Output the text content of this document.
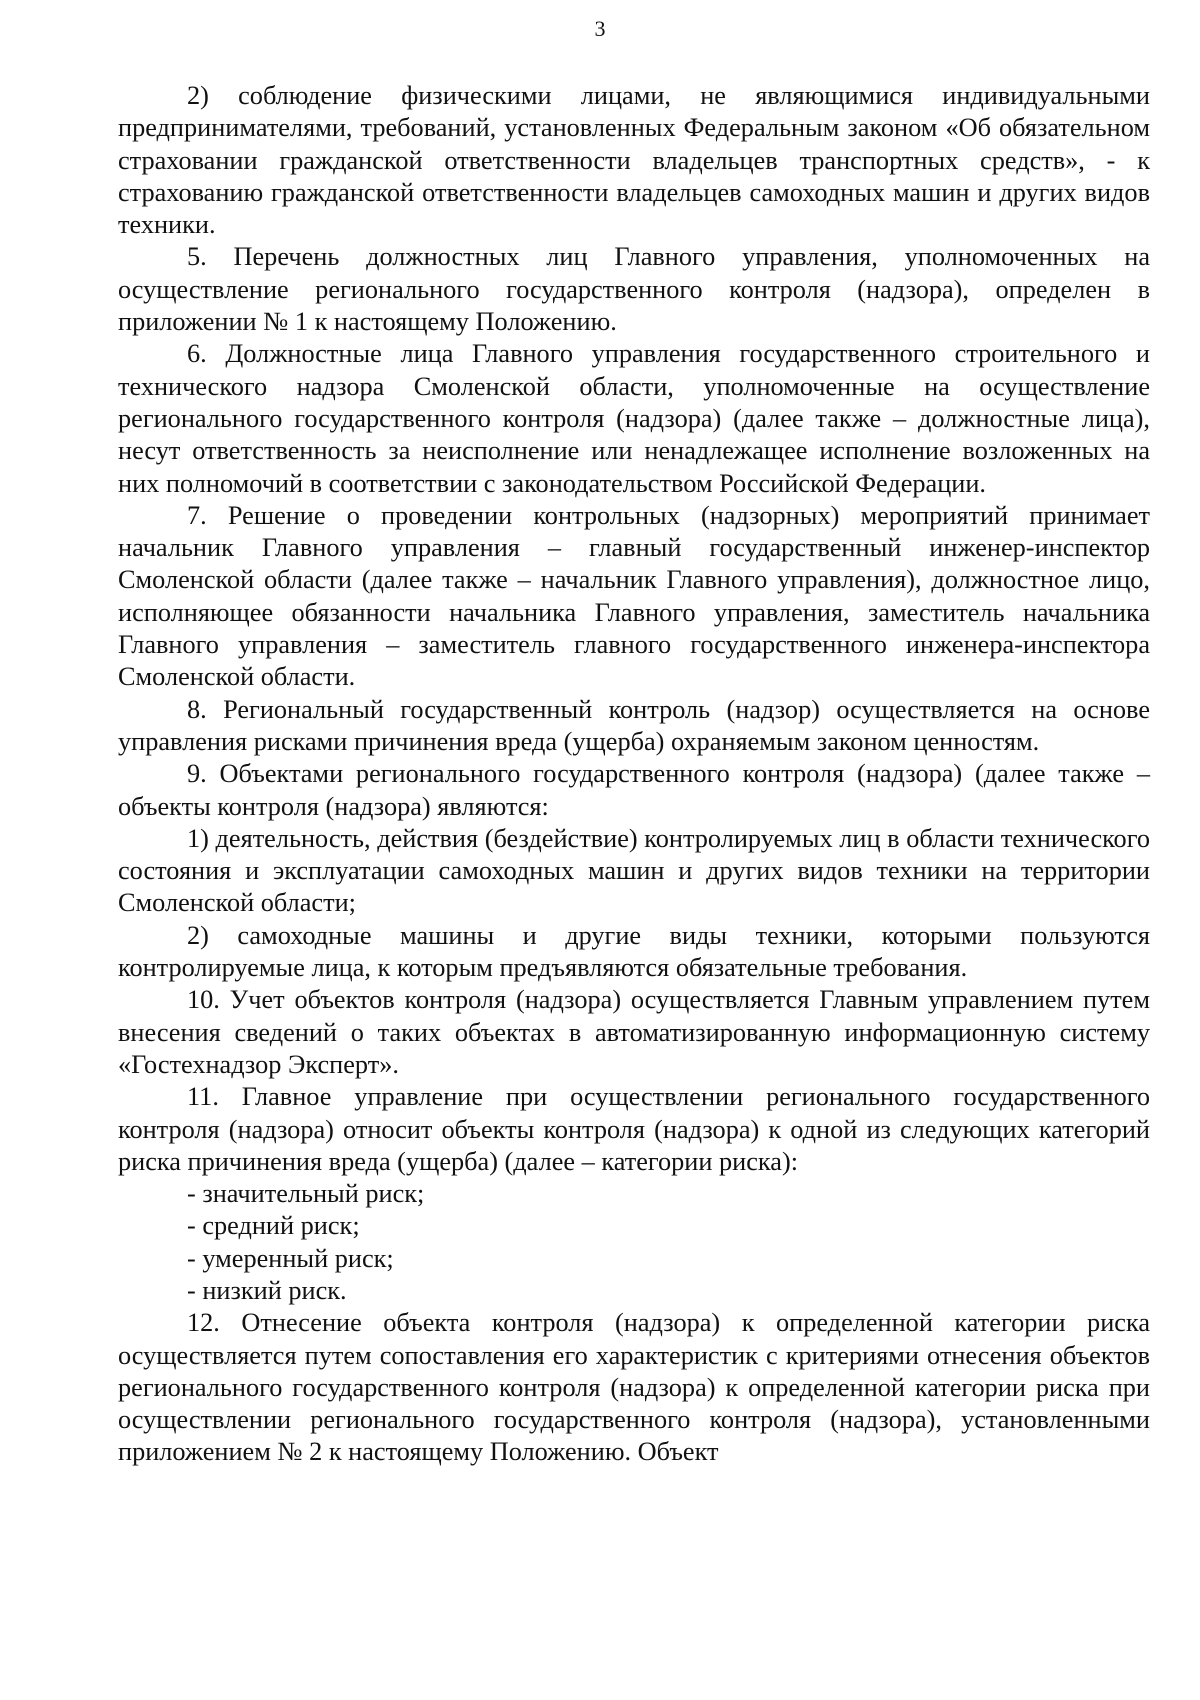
3

2) соблюдение физическими лицами, не являющимися индивидуальными предпринимателями, требований, установленных Федеральным законом «Об обязательном страховании гражданской ответственности владельцев транспортных средств», - к страхованию гражданской ответственности владельцев самоходных машин и других видов техники.

5. Перечень должностных лиц Главного управления, уполномоченных на осуществление регионального государственного контроля (надзора), определен в приложении № 1 к настоящему Положению.

6. Должностные лица Главного управления государственного строительного и технического надзора Смоленской области, уполномоченные на осуществление регионального государственного контроля (надзора) (далее также – должностные лица), несут ответственность за неисполнение или ненадлежащее исполнение возложенных на них полномочий в соответствии с законодательством Российской Федерации.

7. Решение о проведении контрольных (надзорных) мероприятий принимает начальник Главного управления – главный государственный инженер-инспектор Смоленской области (далее также – начальник Главного управления), должностное лицо, исполняющее обязанности начальника Главного управления, заместитель начальника Главного управления – заместитель главного государственного инженера-инспектора Смоленской области.

8. Региональный государственный контроль (надзор) осуществляется на основе управления рисками причинения вреда (ущерба) охраняемым законом ценностям.

9. Объектами регионального государственного контроля (надзора) (далее также – объекты контроля (надзора) являются:

1) деятельность, действия (бездействие) контролируемых лиц в области технического состояния и эксплуатации самоходных машин и других видов техники на территории Смоленской области;

2) самоходные машины и другие виды техники, которыми пользуются контролируемые лица, к которым предъявляются обязательные требования.

10. Учет объектов контроля (надзора) осуществляется Главным управлением путем внесения сведений о таких объектах в автоматизированную информационную систему «Гостехнадзор Эксперт».

11. Главное управление при осуществлении регионального государственного контроля (надзора) относит объекты контроля (надзора) к одной из следующих категорий риска причинения вреда (ущерба) (далее – категории риска):

- значительный риск;

- средний риск;

- умеренный риск;

- низкий риск.

12. Отнесение объекта контроля (надзора) к определенной категории риска осуществляется путем сопоставления его характеристик с критериями отнесения объектов регионального государственного контроля (надзора) к определенной категории риска при осуществлении регионального государственного контроля (надзора), установленными приложением № 2 к настоящему Положению. Объект
